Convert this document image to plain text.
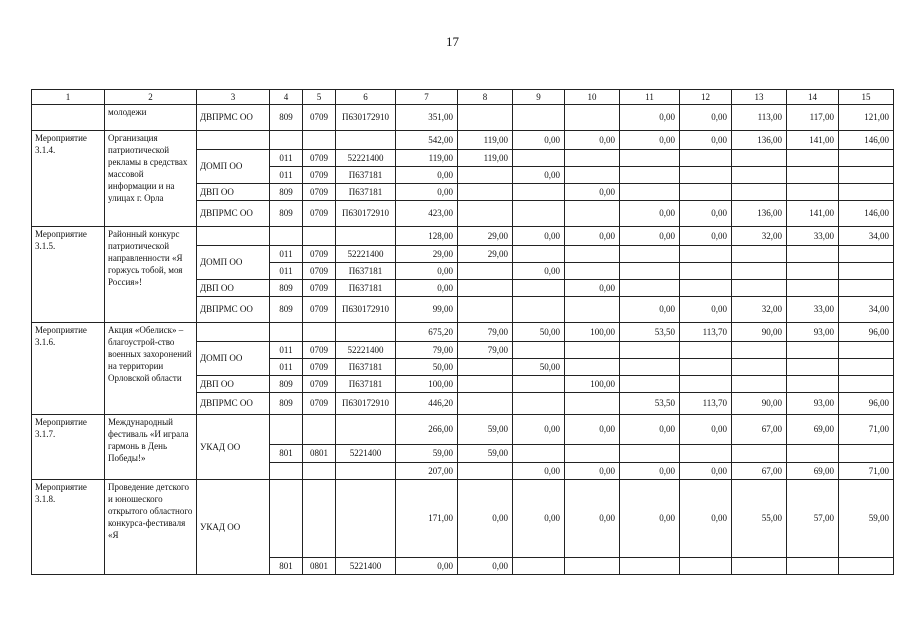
17
1	2	3	4	5	6	7	8	9	10	11	12	13	14	15
	молодежи	ДВПРМС ОО	809	0709	П630172910	351,00				0,00	0,00	113,00	117,00	121,00
Мероприятие 3.1.4.	Организация патриотической рекламы в средствах массовой информации и на улицах г. Орла					542,00	119,00	0,00	0,00	0,00	0,00	136,00	141,00	146,00
		ДОМП ОО	011	0709	52221400	119,00	119,00							
			011	0709	П637181	0,00		0,00						
		ДВП ОО	809	0709	П637181	0,00			0,00					
		ДВПРМС ОО	809	0709	П630172910	423,00				0,00	0,00	136,00	141,00	146,00
Мероприятие 3.1.5.	Районный конкурс патриотической направленности «Я горжусь тобой, моя Россия»!					128,00	29,00	0,00	0,00	0,00	0,00	32,00	33,00	34,00
		ДОМП ОО	011	0709	52221400	29,00	29,00							
			011	0709	П637181	0,00		0,00						
		ДВП ОО	809	0709	П637181	0,00			0,00					
		ДВПРМС ОО	809	0709	П630172910	99,00				0,00	0,00	32,00	33,00	34,00
Мероприятие 3.1.6.	Акция «Обелиск» – благоустрой-ство военных захоронений на территории Орловской области					675,20	79,00	50,00	100,00	53,50	113,70	90,00	93,00	96,00
		ДОМП ОО	011	0709	52221400	79,00	79,00							
			011	0709	П637181	50,00		50,00						
		ДВП ОО	809	0709	П637181	100,00			100,00					
		ДВПРМС ОО	809	0709	П630172910	446,20				53,50	113,70	90,00	93,00	96,00
Мероприятие 3.1.7.	Международный фестиваль «И играла гармонь в День Победы!»	УКАД ОО				266,00	59,00	0,00	0,00	0,00	0,00	67,00	69,00	71,00
			801	0801	5221400	59,00	59,00							
						207,00		0,00	0,00	0,00	0,00	67,00	69,00	71,00
Мероприятие 3.1.8.	Проведение детского и юношеского открытого областного конкурса-фестиваля «Я	УКАД ОО				171,00	0,00	0,00	0,00	0,00	0,00	55,00	57,00	59,00
			801	0801	5221400	0,00	0,00							
